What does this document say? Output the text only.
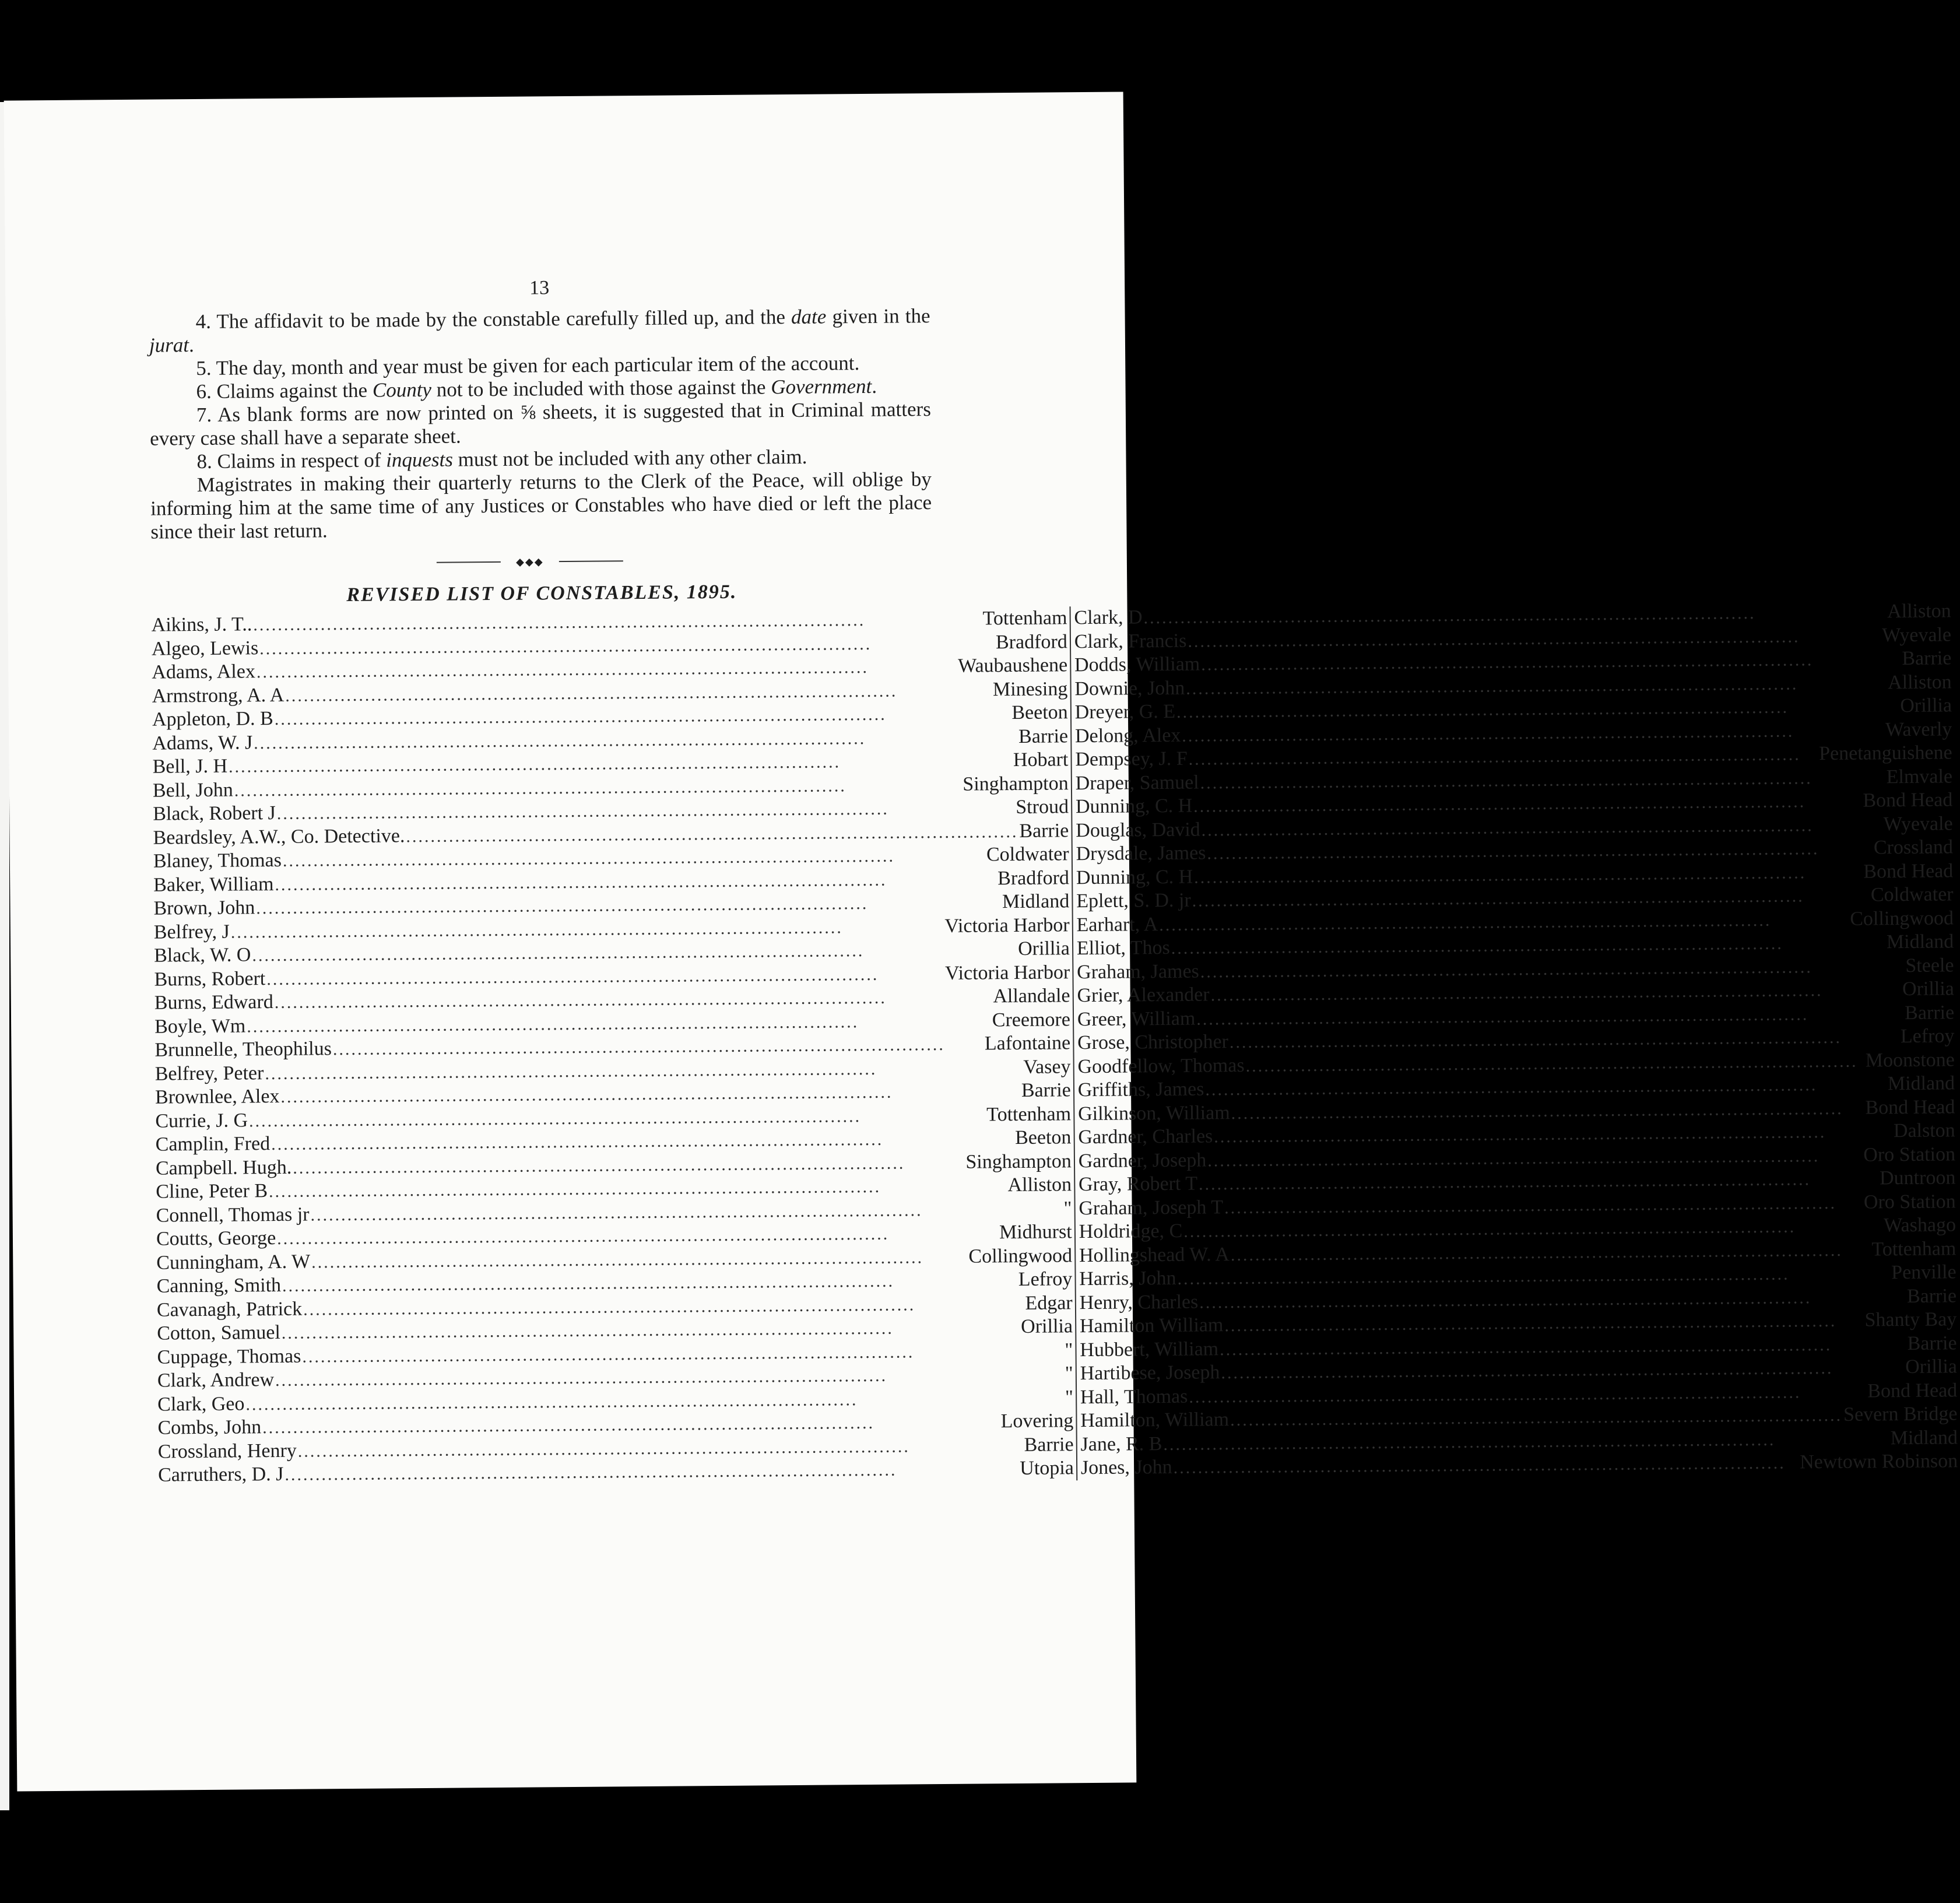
13

4. The affidavit to be made by the constable carefully filled up, and the date given in the jurat.

5. The day, month and year must be given for each particular item of the account.

6. Claims against the County not to be included with those against the Government.

7. As blank forms are now printed on ⅝ sheets, it is suggested that in Criminal matters every case shall have a separate sheet.

8. Claims in respect of inquests must not be included with any other claim.

Magistrates in making their quarterly returns to the Clerk of the Peace, will oblige by informing him at the same time of any Justices or Constables who have died or left the place since their last return.

◆◆◆
REVISED LIST OF CONSTABLES, 1895.
Aikins, J. T.. .....	Tottenham
Algeo, Lewis .....	Bradford
Adams, Alex .....	Waubaushene
Armstrong, A. A .....	Minesing
Appleton, D. B .....	Beeton
Adams, W. J .....	Barrie
Bell, J. H .....	Hobart
Bell, John .....	Singhampton
Black, Robert J .....	Stroud
Beardsley, A.W., Co. Detective. .....	Barrie
Blaney, Thomas .....	Coldwater
Baker, William .....	Bradford
Brown, John .....	Midland
Belfrey, J .....	Victoria Harbor
Black, W. O .....	Orillia
Burns, Robert .....	Victoria Harbor
Burns, Edward .....	Allandale
Boyle, Wm .....	Creemore
Brunnelle, Theophilus .....	Lafontaine
Belfrey, Peter .....	Vasey
Brownlee, Alex .....	Barrie
Currie, J. G .....	Tottenham
Camplin, Fred .....	Beeton
Campbell. Hugh. .....	Singhampton
Cline, Peter B .....	Alliston
Connell, Thomas jr .....	"
Coutts, George .....	Midhurst
Cunningham, A. W .....	Collingwood
Canning, Smith .....	Lefroy
Cavanagh, Patrick .....	Edgar
Cotton, Samuel .....	Orillia
Cuppage, Thomas .....	"
Clark, Andrew .....	"
Clark, Geo .....	"
Combs, John .....	Lovering
Crossland, Henry .....	Barrie
Carruthers, D. J .....	Utopia
Clark, D .....	Alliston
Clark, Francis .....	Wyevale
Dodds, William .....	Barrie
Downie, John .....	Alliston
Dreyer, G. E .....	Orillia
Delong, Alex .....	Waverly
Dempsey, J. F .....	Penetanguishene
Draper, Samuel .....	Elmvale
Dunning, C. H .....	Bond Head
Douglas, David .....	Wyevale
Drysdale, James .....	Crossland
Dunning, C. H .....	Bond Head
Eplett, S. D. jr .....	Coldwater
Earhart, A .....	Collingwood
Elliot, Thos .....	Midland
Graham, James .....	Steele
Grier, Alexander .....	Orillia
Greer, William .....	Barrie
Grose, Christopher .....	Lefroy
Goodfellow, Thomas .....	Moonstone
Griffiths, James .....	Midland
Gilkinson, William .....	Bond Head
Gardner, Charles .....	Dalston
Gardner, Joseph .....	Oro Station
Gray, Robert T .....	Duntroon
Graham, Joseph T .....	Oro Station
Holdridge, C .....	Washago
Hollingshead W. A .....	Tottenham
Harris, John .....	Penville
Henry, Charles .....	Barrie
Hamilton William .....	Shanty Bay
Hubbert, William .....	Barrie
Hartibese, Joseph .....	Orillia
Hall, Thomas .....	Bond Head
Hamilton, William .....	Severn Bridge
Jane, R. B .....	Midland
Jones, John .....	Newtown Robinson
